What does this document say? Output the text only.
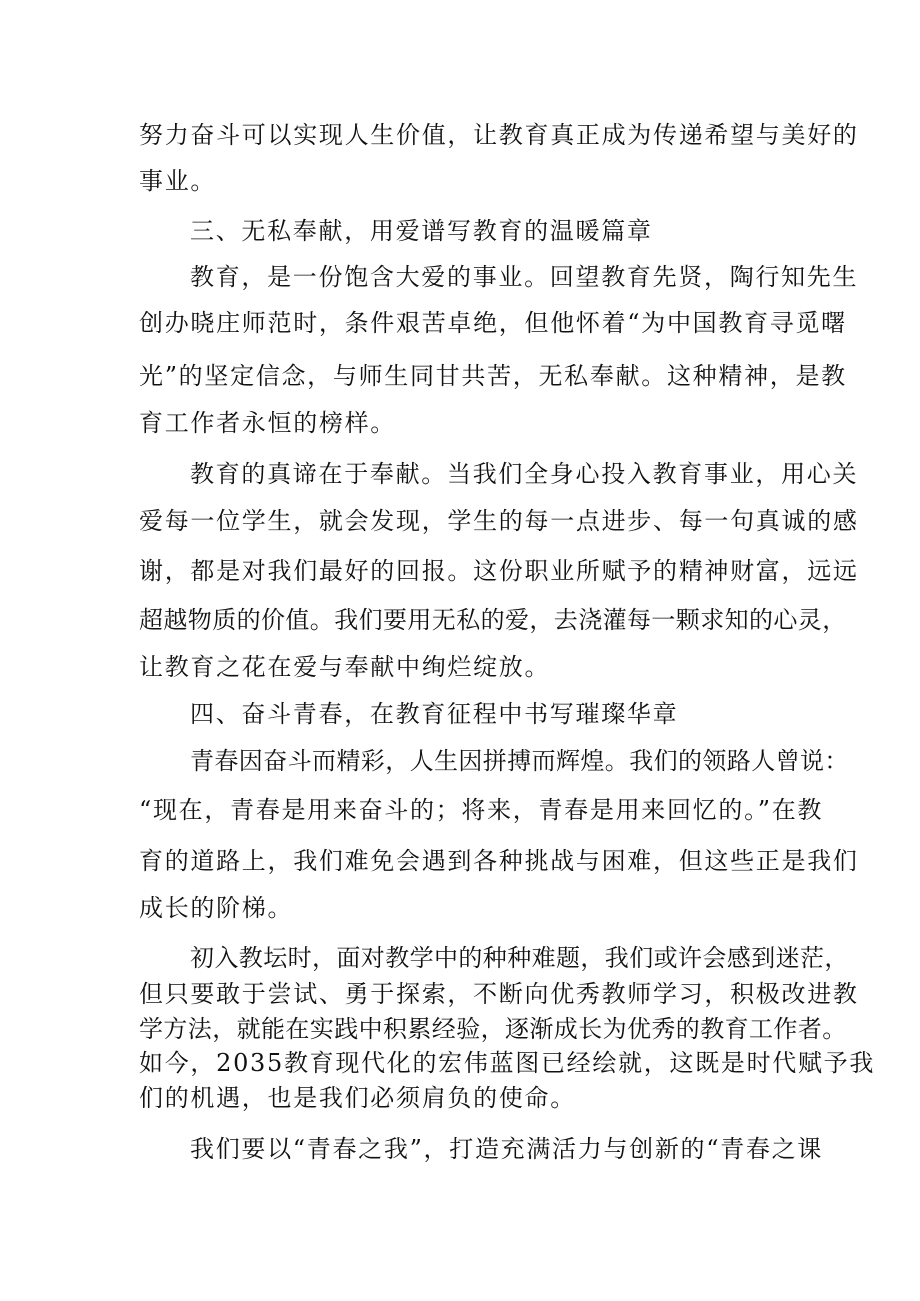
努力奋斗可以实现人生价值，让教育真正成为传递希望与美好的
事业。
三、无私奉献，用爱谱写教育的温暖篇章
教育，是一份饱含大爱的事业。回望教育先贤，陶行知先生
创办晓庄师范时，条件艰苦卓绝，但他怀着“为中国教育寻觅曙
光”的坚定信念，与师生同甘共苦，无私奉献。这种精神，是教
育工作者永恒的榜样。
教育的真谛在于奉献。当我们全身心投入教育事业，用心关
爱每一位学生，就会发现，学生的每一点进步、每一句真诚的感
谢，都是对我们最好的回报。这份职业所赋予的精神财富，远远
超越物质的价值。我们要用无私的爱，去浇灌每一颗求知的心灵，
让教育之花在爱与奉献中绚烂绽放。
四、奋斗青春，在教育征程中书写璀璨华章
青春因奋斗而精彩，人生因拼搏而辉煌。我们的领路人曾说：
“现在，青春是用来奋斗的；将来，青春是用来回忆的。”在教
育的道路上，我们难免会遇到各种挑战与困难，但这些正是我们
成长的阶梯。
初入教坛时，面对教学中的种种难题，我们或许会感到迷茫，
但只要敢于尝试、勇于探索，不断向优秀教师学习，积极改进教
学方法，就能在实践中积累经验，逐渐成长为优秀的教育工作者。
如今，2035教育现代化的宏伟蓝图已经绘就，这既是时代赋予我
们的机遇，也是我们必须肩负的使命。
我们要以“青春之我”，打造充满活力与创新的“青春之课
